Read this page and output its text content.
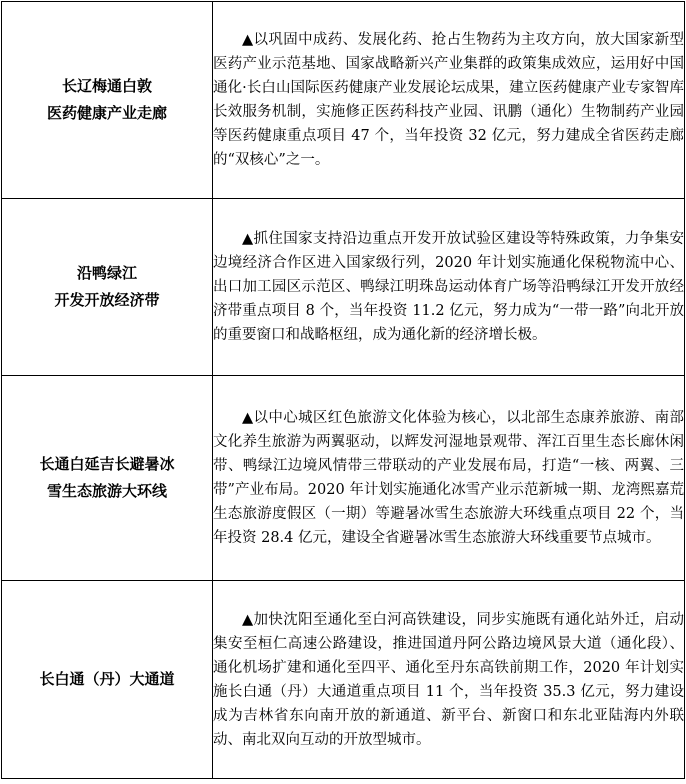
长辽梅通白敦
医药健康产业走廊	▲以巩固中成药、发展化药、抢占生物药为主攻方向，放大国家新型医药产业示范基地、国家战略新兴产业集群的政策集成效应，运用好中国通化·长白山国际医药健康产业发展论坛成果，建立医药健康产业专家智库长效服务机制，实施修正医药科技产业园、讯鹏（通化）生物制药产业园等医药健康重点项目 47 个，当年投资 32 亿元，努力建成全省医药走廊的“双核心”之一。

沿鸭绿江
开发开放经济带	▲抓住国家支持沿边重点开发开放试验区建设等特殊政策，力争集安边境经济合作区进入国家级行列，2020 年计划实施通化保税物流中心、出口加工园区示范区、鸭绿江明珠岛运动体育广场等沿鸭绿江开发开放经济带重点项目 8 个，当年投资 11.2 亿元，努力成为“一带一路”向北开放的重要窗口和战略枢纽，成为通化新的经济增长极。

长通白延吉长避暑冰
雪生态旅游大环线	▲以中心城区红色旅游文化体验为核心，以北部生态康养旅游、南部文化养生旅游为两翼驱动，以辉发河湿地景观带、浑江百里生态长廊休闲带、鸭绿江边境风情带三带联动的产业发展布局，打造“一核、两翼、三带”产业布局。2020 年计划实施通化冰雪产业示范新城一期、龙湾熙嘉荒生态旅游度假区（一期）等避暑冰雪生态旅游大环线重点项目 22 个，当年投资 28.4 亿元，建设全省避暑冰雪生态旅游大环线重要节点城市。

长白通（丹）大通道	▲加快沈阳至通化至白河高铁建设，同步实施既有通化站外迁，启动集安至桓仁高速公路建设，推进国道丹阿公路边境风景大道（通化段）、通化机场扩建和通化至四平、通化至丹东高铁前期工作，2020 年计划实施长白通（丹）大通道重点项目 11 个，当年投资 35.3 亿元，努力建设成为吉林省东向南开放的新通道、新平台、新窗口和东北亚陆海内外联动、南北双向互动的开放型城市。
